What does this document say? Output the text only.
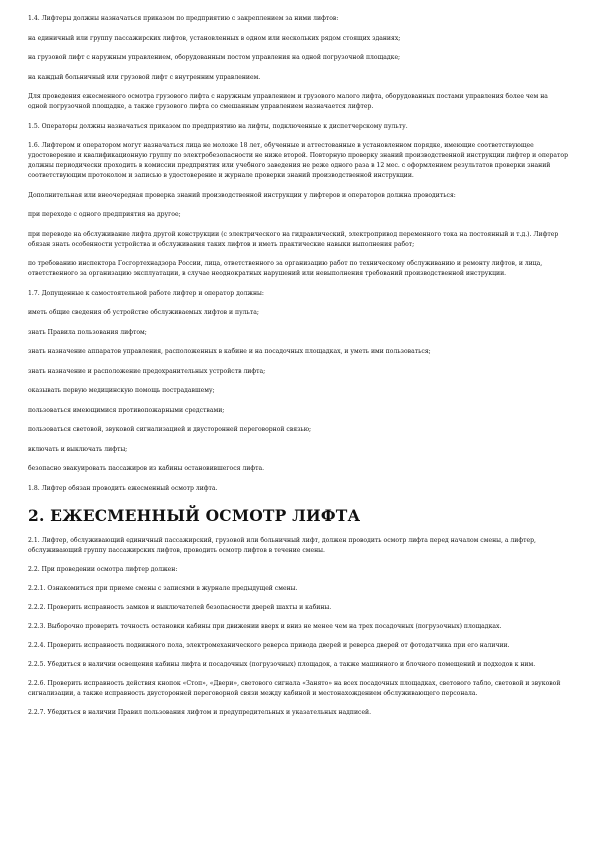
1.4. Лифтеры должны назначаться приказом по предприятию с закреплением за ними лифтов:

на единичный или группу пассажирских лифтов, установленных в одном или нескольких рядом стоящих зданиях;

на грузовой лифт с наружным управлением, оборудованным постом управления на одной погрузочной площадке;

на каждый больничный или грузовой лифт с внутренним управлением.

Для проведения ежесменного осмотра грузового лифта с наружным управлением и грузового малого лифта, оборудованных постами управления более чем на одной погрузочной площадке, а также грузового лифта со смешанным управлением назначается лифтер.

1.5. Операторы должны назначаться приказом по предприятию на лифты, подключенные к диспетчерскому пульту.

1.6. Лифтером и оператором могут назначаться лица не моложе 18 лет, обученные и аттестованные в установленном порядке, имеющие соответствующее удостоверение и квалификационную группу по электробезопасности не ниже второй. Повторную проверку знаний производственной инструкции лифтер и оператор должны периодически проходить в комиссии предприятия или учебного заведения не реже одного раза в 12 мес. с оформлением результатов проверки знаний соответствующим протоколом и записью в удостоверение и журнале проверки знаний производственной инструкции.

Дополнительная или внеочередная проверка знаний производственной инструкции у лифтеров и операторов должна проводиться:

при переходе с одного предприятия на другое;

при переводе на обслуживание лифта другой конструкции (с электрического на гидравлический, электропривод переменного тока на постоянный и т.д.). Лифтер обязан знать особенности устройства и обслуживания таких лифтов и иметь практические навыки выполнения работ;

по требованию инспектора Госгортехнадзора России, лица, ответственного за организацию работ по техническому обслуживанию и ремонту лифтов, и лица, ответственного за организацию эксплуатации, в случае неоднократных нарушений или невыполнения требований производственной инструкции.

1.7. Допущенные к самостоятельной работе лифтер и оператор должны:

иметь общие сведения об устройстве обслуживаемых лифтов и пульта;

знать Правила пользования лифтом;

знать назначение аппаратов управления, расположенных в кабине и на посадочных площадках, и уметь ими пользоваться;

знать назначение и расположение предохранительных устройств лифта;

оказывать первую медицинскую помощь пострадавшему;

пользоваться имеющимися противопожарными средствами;

пользоваться световой, звуковой сигнализацией и двусторонней переговорной связью;

включать и выключать лифты;

безопасно эвакуировать пассажиров из кабины остановившегося лифта.

1.8. Лифтер обязан проводить ежесменный осмотр лифта.

2. ЕЖЕСМЕННЫЙ ОСМОТР ЛИФТА

2.1. Лифтер, обслуживающий единичный пассажирский, грузовой или больничный лифт, должен проводить осмотр лифта перед началом смены, а лифтер, обслуживающий группу пассажирских лифтов, проводить осмотр лифтов в течение смены.

2.2. При проведении осмотра лифтер должен:

2.2.1. Ознакомиться при приеме смены с записями в журнале предыдущей смены.

2.2.2. Проверить исправность замков и выключателей безопасности дверей шахты и кабины.

2.2.3. Выборочно проверить точность остановки кабины при движении вверх и вниз не менее чем на трех посадочных (погрузочных) площадках.

2.2.4. Проверить исправность подвижного пола, электромеханического реверса привода дверей и реверса дверей от фотодатчика при его наличии.

2.2.5. Убедиться в наличии освещения кабины лифта и посадочных (погрузочных) площадок, а также машинного и блочного помещений и подходов к ним.

2.2.6. Проверить исправность действия кнопок «Стоп», «Двери», светового сигнала «Занято» на всех посадочных площадках, светового табло, световой и звуковой сигнализации, а также исправность двусторонней переговорной связи между кабиной и местонахождением обслуживающего персонала.

2.2.7. Убедиться в наличии Правил пользования лифтом и предупредительных и указательных надписей.
